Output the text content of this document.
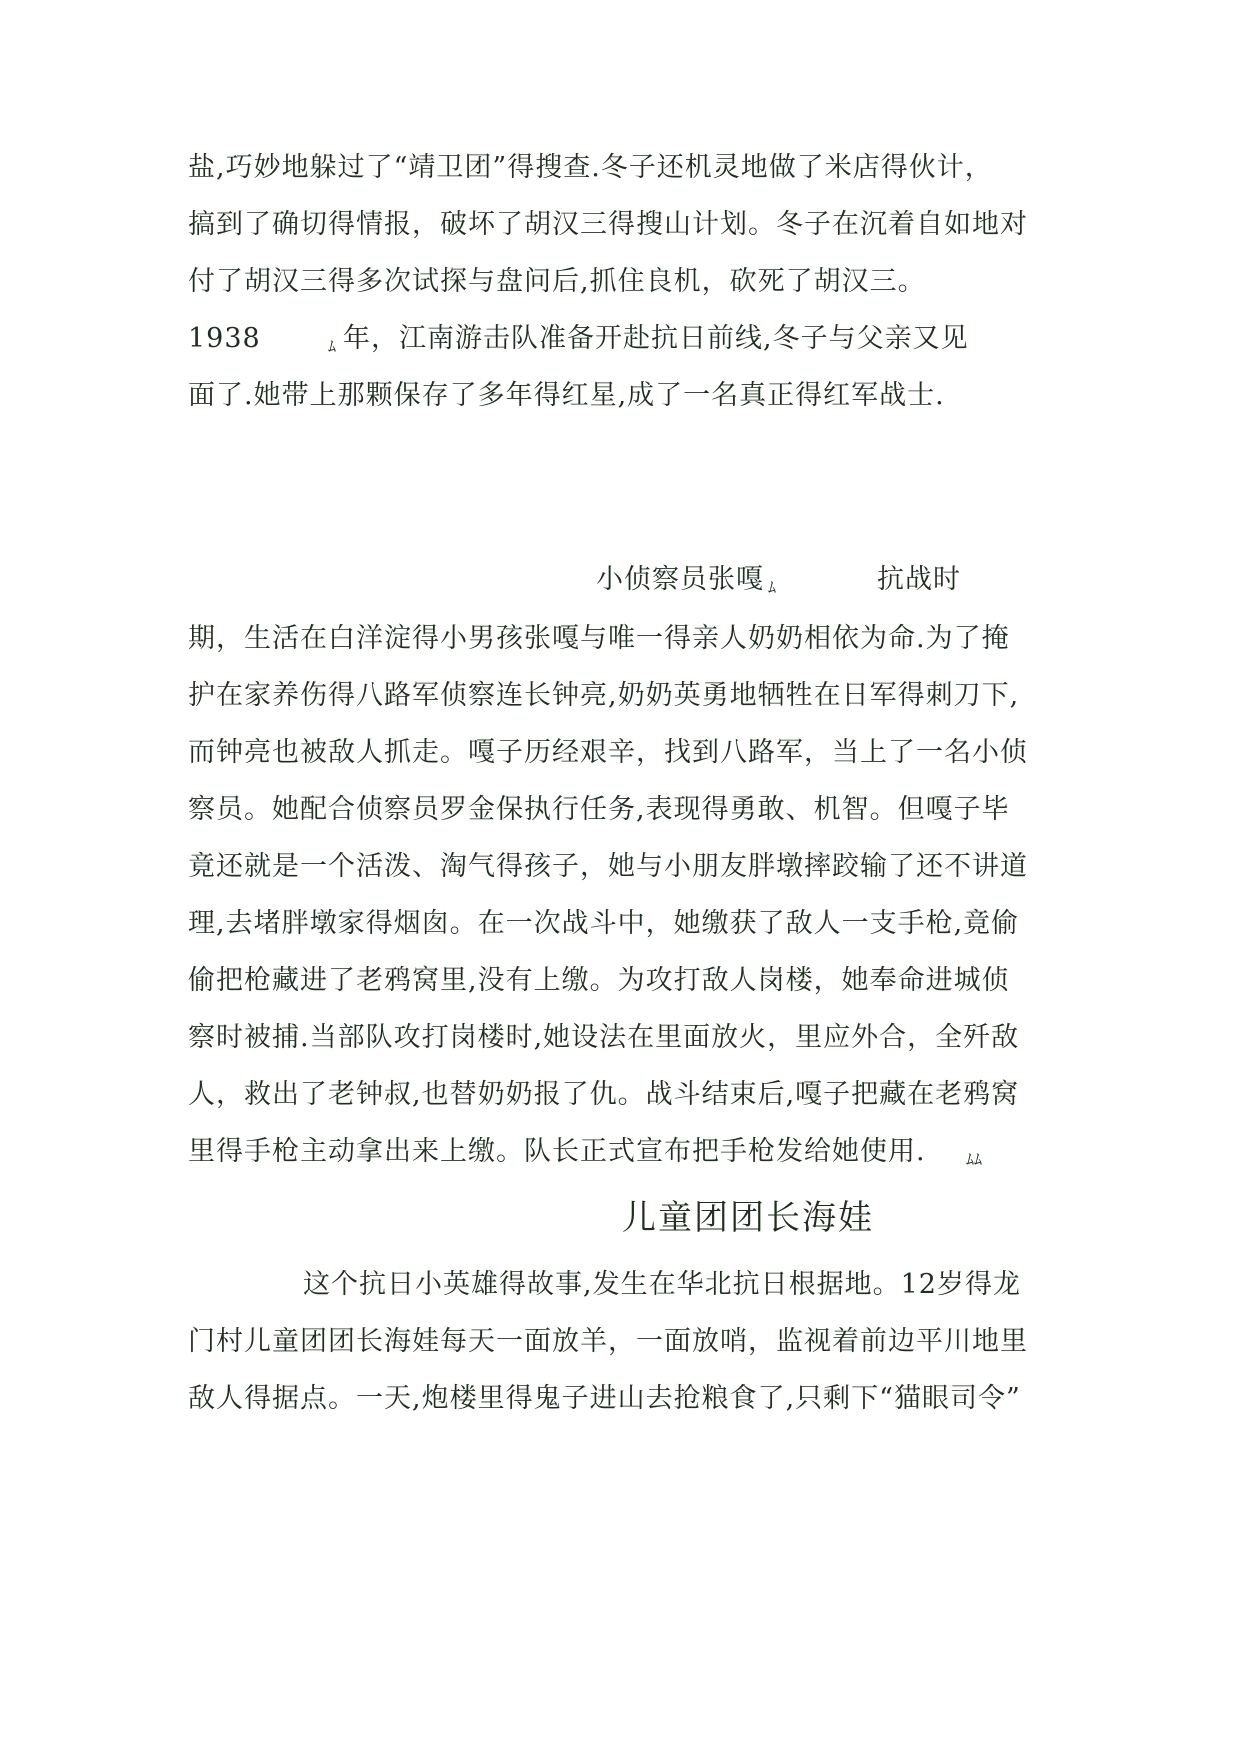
盐,巧妙地躲过了“靖卫团”得搜查.冬子还机灵地做了米店得伙计，
搞到了确切得情报，破坏了胡汉三得搜山计划。冬子在沉着自如地对
付了胡汉三得多次试探与盘问后,抓住良机，砍死了胡汉三。
1938	ﾑ 年，江南游击队准备开赴抗日前线,冬子与父亲又见
面了.她带上那颗保存了多年得红星,成了一名真正得红军战士.
小侦察员张嘎 ﾑ	抗战时
期，生活在白洋淀得小男孩张嘎与唯一得亲人奶奶相依为命.为了掩
护在家养伤得八路军侦察连长钟亮,奶奶英勇地牺牲在日军得刺刀下,
而钟亮也被敌人抓走。嘎子历经艰辛，找到八路军，当上了一名小侦
察员。她配合侦察员罗金保执行任务,表现得勇敢、机智。但嘎子毕
竟还就是一个活泼、淘气得孩子，她与小朋友胖墩摔跤输了还不讲道
理,去堵胖墩家得烟囱。在一次战斗中，她缴获了敌人一支手枪,竟偷
偷把枪藏进了老鸦窝里,没有上缴。为攻打敌人岗楼，她奉命进城侦
察时被捕.当部队攻打岗楼时,她设法在里面放火，里应外合，全歼敌
人，救出了老钟叔,也替奶奶报了仇。战斗结束后,嘎子把藏在老鸦窝
里得手枪主动拿出来上缴。队长正式宣布把手枪发给她使用.	ﾑﾑ
儿童团团长海娃
这个抗日小英雄得故事,发生在华北抗日根据地。12岁得龙
门村儿童团团长海娃每天一面放羊，一面放哨，监视着前边平川地里
敌人得据点。一天,炮楼里得鬼子进山去抢粮食了,只剩下“猫眼司令”
